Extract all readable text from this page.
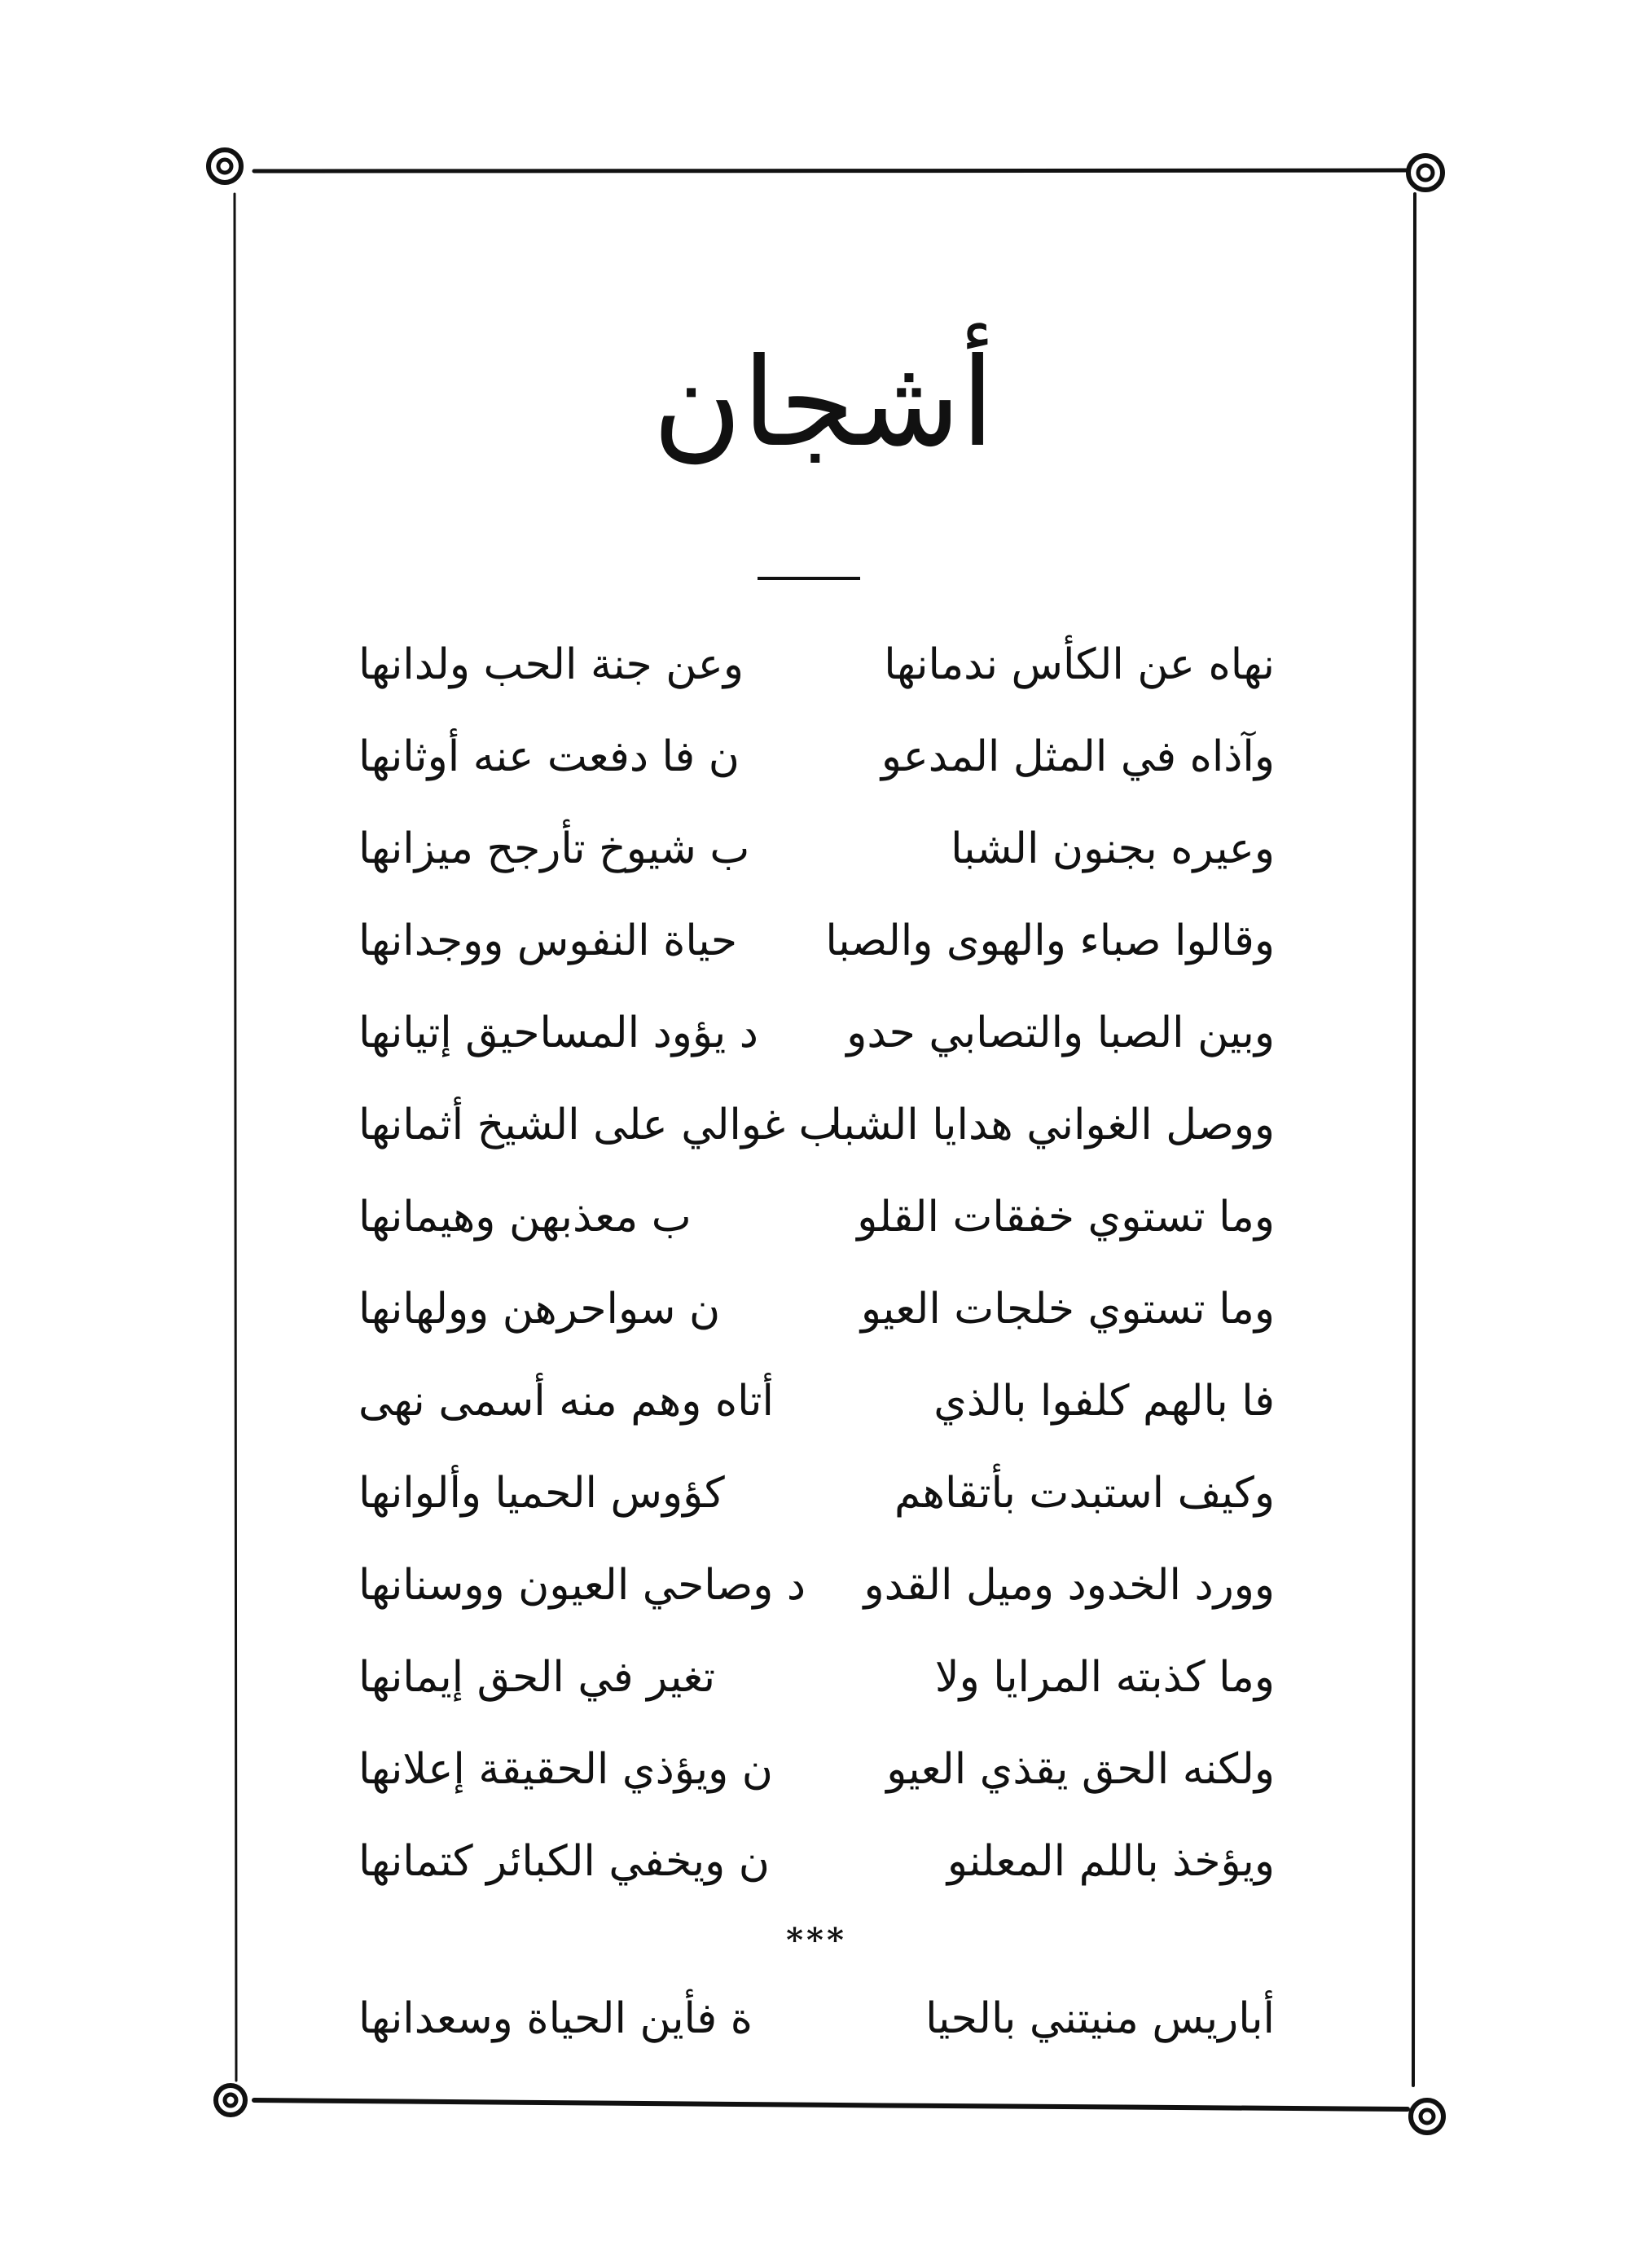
أشجان
نهاه عن الكأس ندمانها
وعن جنة الحب ولدانها
وآذاه في المثل المدعو
ن فا دفعت عنه أوثانها
وعيره بجنون الشبا
ب شيوخ تأرجح ميزانها
وقالوا صباء والهوى والصبا
حياة النفوس ووجدانها
وبين الصبا والتصابي حدو
د يؤود المساحيق إتيانها
ووصل الغواني هدايا الشبا
ب غوالي على الشيخ أثمانها
وما تستوي خفقات القلو
ب معذبهن وهيمانها
وما تستوي خلجات العيو
ن سواحرهن وولهانها
فا بالهم كلفوا بالذي
أتاه وهم منه أسمى نهى
وكيف استبدت بأتقاهم
كؤوس الحميا وألوانها
وورد الخدود وميل القدو
د وصاحي العيون ووسنانها
وما كذبته المرايا ولا
تغير في الحق إيمانها
ولكنه الحق يقذي العيو
ن ويؤذي الحقيقة إعلانها
ويؤخذ باللم المعلنو
ن ويخفي الكبائر كتمانها
***
أباريس منيتني بالحيا
ة فأين الحياة وسعدانها
